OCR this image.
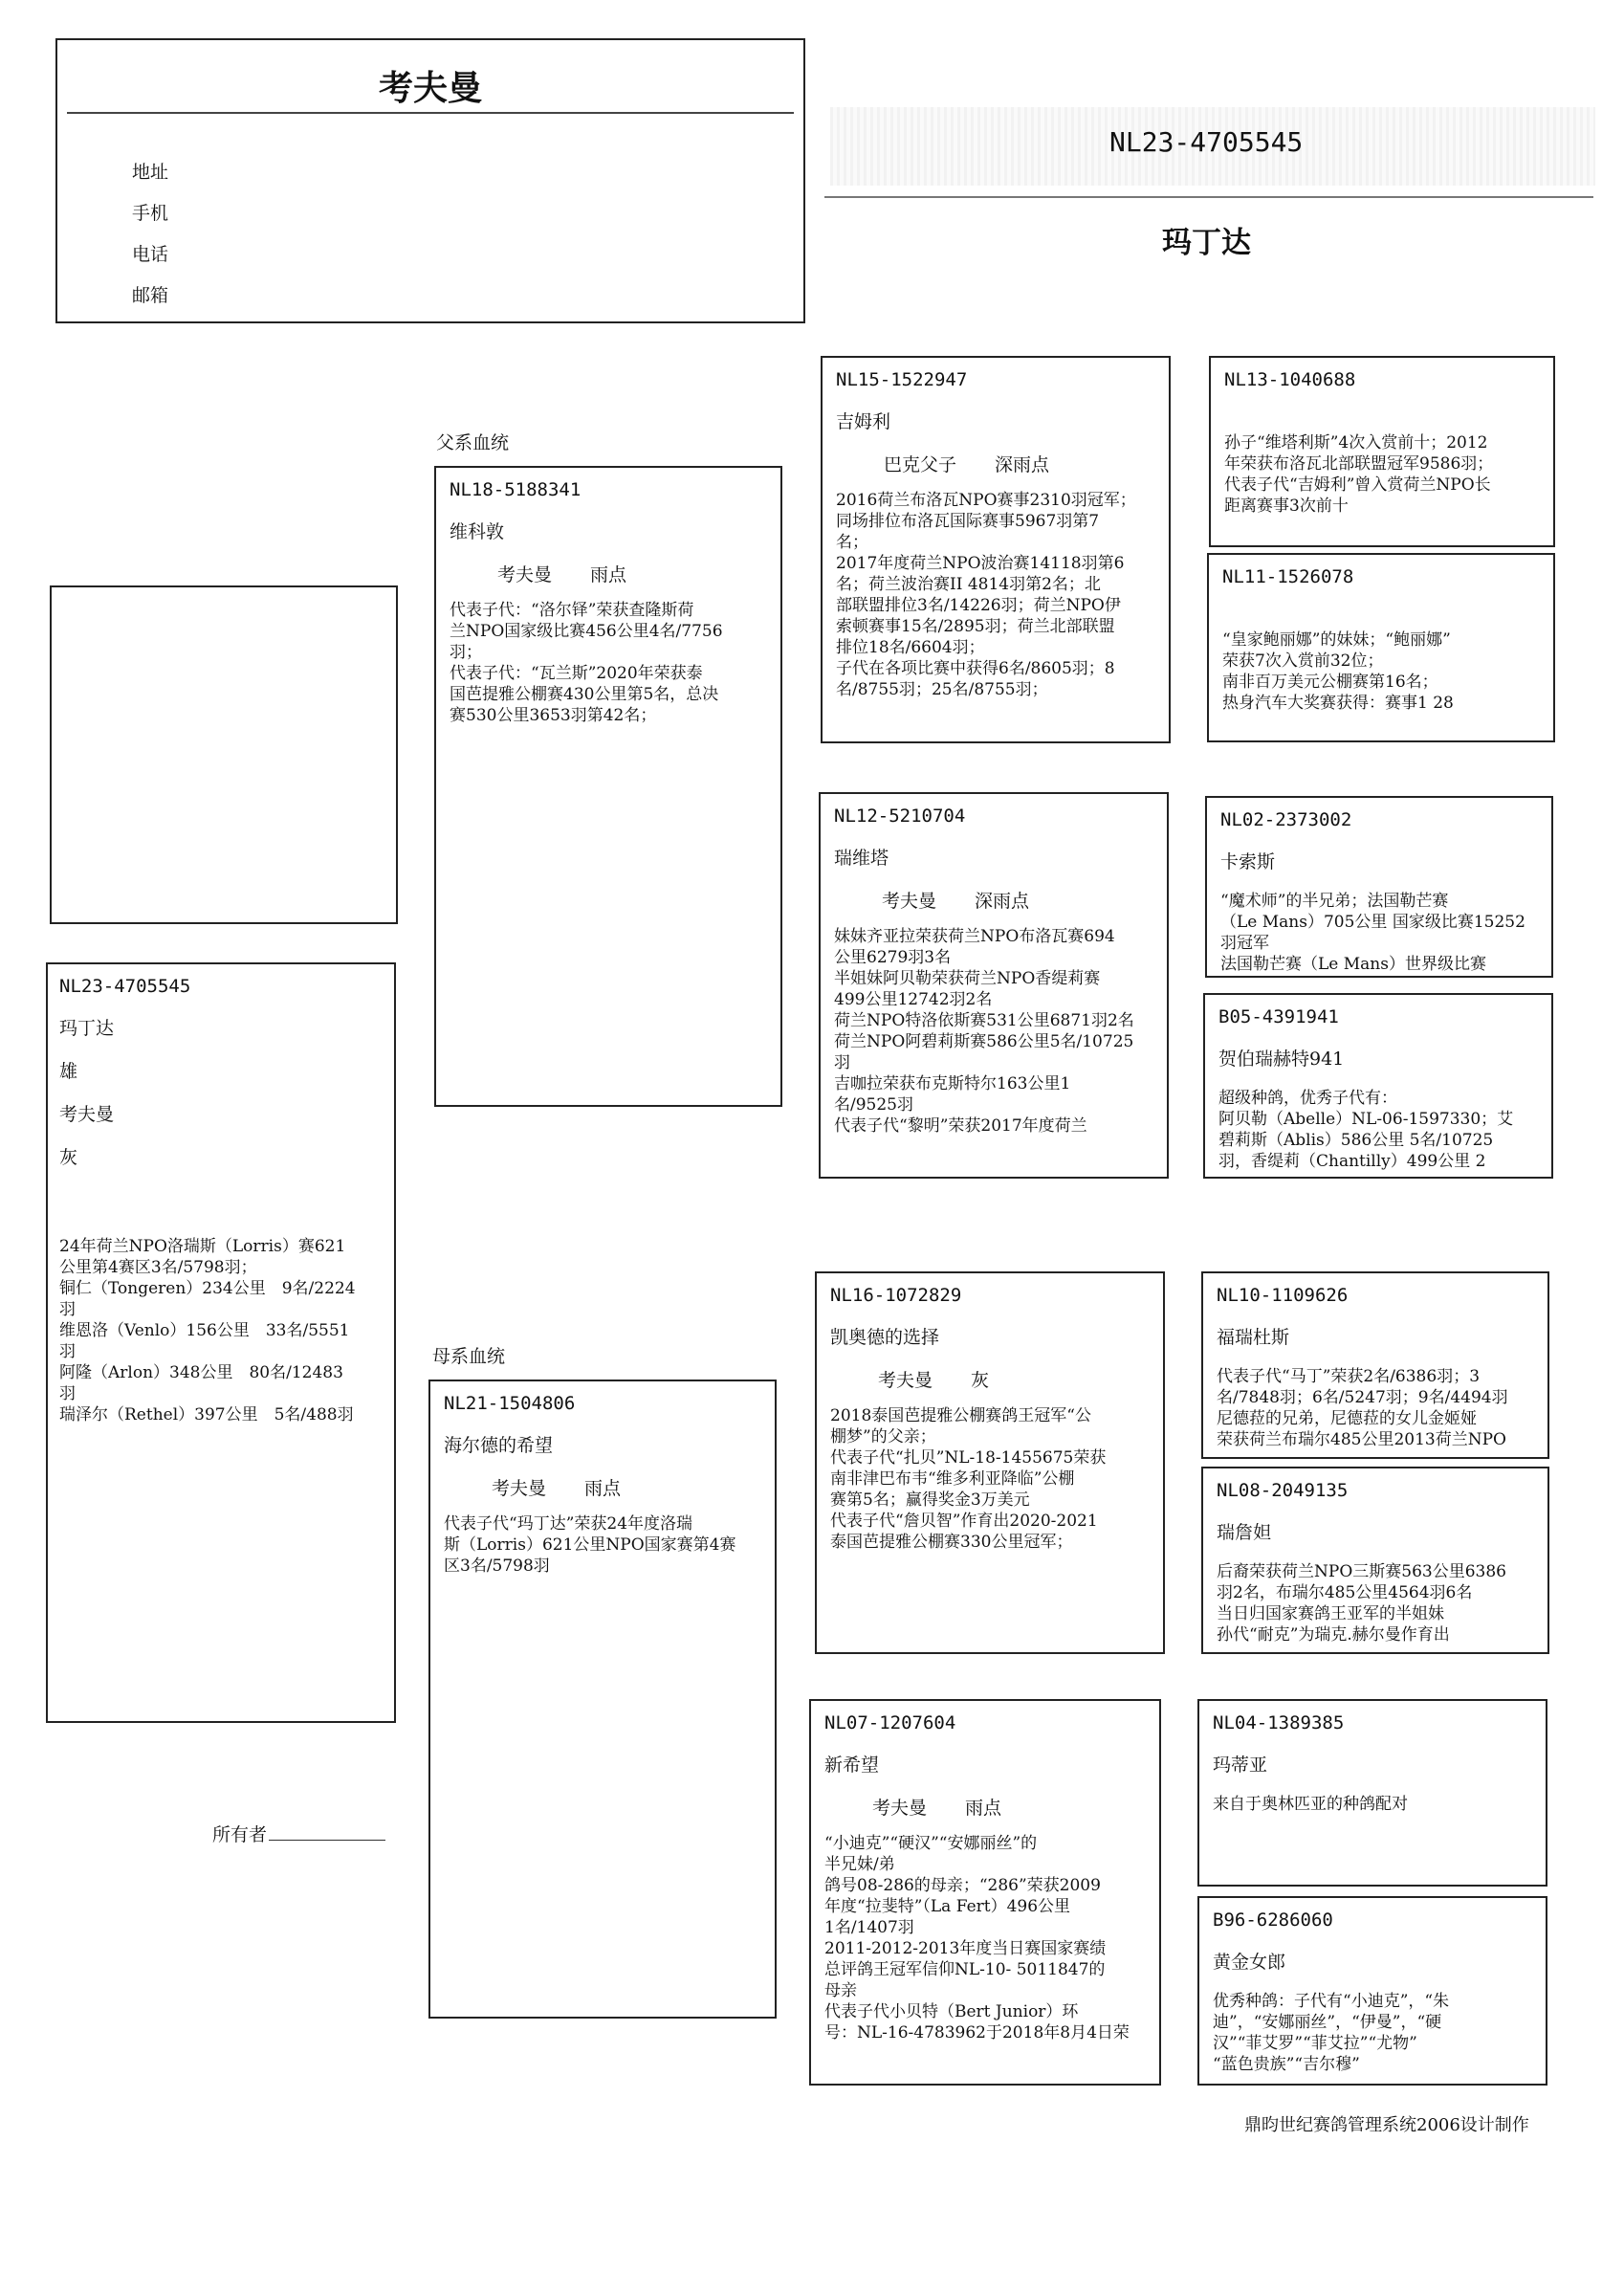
考夫曼
地址
手机
电话
邮箱
NL23-4705545
玛丁达
NL23-4705545
玛丁达
雄
考夫曼
灰
24年荷兰NPO洛瑞斯（Lorris）赛621
公里第4赛区3名/5798羽；
铜仁（Tongeren）234公里　9名/2224
羽
维恩洛（Venlo）156公里　33名/5551
羽
阿隆（Arlon）348公里　80名/12483
羽
瑞泽尔（Rethel）397公里　5名/488羽
父系血统
母系血统
NL18-5188341
维科敦
考夫曼 雨点
代表子代：“洛尔铎”荣获查隆斯荷
兰NPO国家级比赛456公里4名/7756
羽；
代表子代：“瓦兰斯”2020年荣获泰
国芭提雅公棚赛430公里第5名，总决
赛530公里3653羽第42名；
NL21-1504806
海尔德的希望
考夫曼 雨点
代表子代“玛丁达”荣获24年度洛瑞
斯（Lorris）621公里NPO国家赛第4赛
区3名/5798羽
NL15-1522947
吉姆利
巴克父子 深雨点
2016荷兰布洛瓦NPO赛事2310羽冠军；
同场排位布洛瓦国际赛事5967羽第7
名；
2017年度荷兰NPO波治赛14118羽第6
名；荷兰波治赛II 4814羽第2名；北
部联盟排位3名/14226羽；荷兰NPO伊
索顿赛事15名/2895羽；荷兰北部联盟
排位18名/6604羽；
子代在各项比赛中获得6名/8605羽；8
名/8755羽；25名/8755羽；
NL12-5210704
瑞维塔
考夫曼 深雨点
妹妹齐亚拉荣获荷兰NPO布洛瓦赛694
公里6279羽3名
半姐妹阿贝勒荣获荷兰NPO香缇莉赛
499公里12742羽2名
荷兰NPO特洛依斯赛531公里6871羽2名
荷兰NPO阿碧莉斯赛586公里5名/10725
羽
吉咖拉荣获布克斯特尔163公里1
名/9525羽
代表子代“黎明”荣获2017年度荷兰
NL16-1072829
凯奥德的选择
考夫曼 灰
2018泰国芭提雅公棚赛鸽王冠军“公
棚梦”的父亲；
代表子代“扎贝”NL-18-1455675荣获
南非津巴布韦“维多利亚降临”公棚
赛第5名；赢得奖金3万美元
代表子代“詹贝智”作育出2020-2021
泰国芭提雅公棚赛330公里冠军；
NL07-1207604
新希望
考夫曼 雨点
“小迪克”“硬汉”“安娜丽丝”的
半兄妹/弟
鸽号08-286的母亲；“286”荣获2009
年度“拉斐特”（La Fert）496公里
1名/1407羽
2011-2012-2013年度当日赛国家赛绩
总评鸽王冠军信仰NL-10- 5011847的
母亲
代表子代小贝特（Bert Junior）环
号：NL-16-4783962于2018年8月4日荣
NL13-1040688
孙子“维塔利斯”4次入赏前十；2012
年荣获布洛瓦北部联盟冠军9586羽；
代表子代“吉姆利”曾入赏荷兰NPO长
距离赛事3次前十
NL11-1526078
“皇家鲍丽娜”的妹妹；“鲍丽娜”
荣获7次入赏前32位；
南非百万美元公棚赛第16名；
热身汽车大奖赛获得：赛事1 28
NL02-2373002
卡索斯
“魔术师”的半兄弟；法国勒芒赛
（Le Mans）705公里 国家级比赛15252
羽冠军
法国勒芒赛（Le Mans）世界级比赛
B05-4391941
贺伯瑞赫特941
超级种鸽，优秀子代有：
阿贝勒（Abelle）NL-06-1597330；艾
碧莉斯（Ablis）586公里 5名/10725
羽，香缇莉（Chantilly）499公里 2
NL10-1109626
福瑞杜斯
代表子代“马丁”荣获2名/6386羽；3
名/7848羽；6名/5247羽；9名/4494羽
尼德菈的兄弟，尼德菈的女儿金姬娅
荣获荷兰布瑞尔485公里2013荷兰NPO
NL08-2049135
瑞詹妲
后裔荣获荷兰NPO三斯赛563公里6386
羽2名，布瑞尔485公里4564羽6名
当日归国家赛鸽王亚军的半姐妹
孙代“耐克”为瑞克.赫尔曼作育出
NL04-1389385
玛蒂亚
来自于奥林匹亚的种鸽配对
B96-6286060
黄金女郎
优秀种鸽：子代有“小迪克”，“朱
迪”，“安娜丽丝”，“伊曼”，“硬
汉”“菲艾罗”“菲艾拉”“尤物”
“蓝色贵族”“吉尔穆”
所有者
鼎昀世纪赛鸽管理系统2006设计制作
